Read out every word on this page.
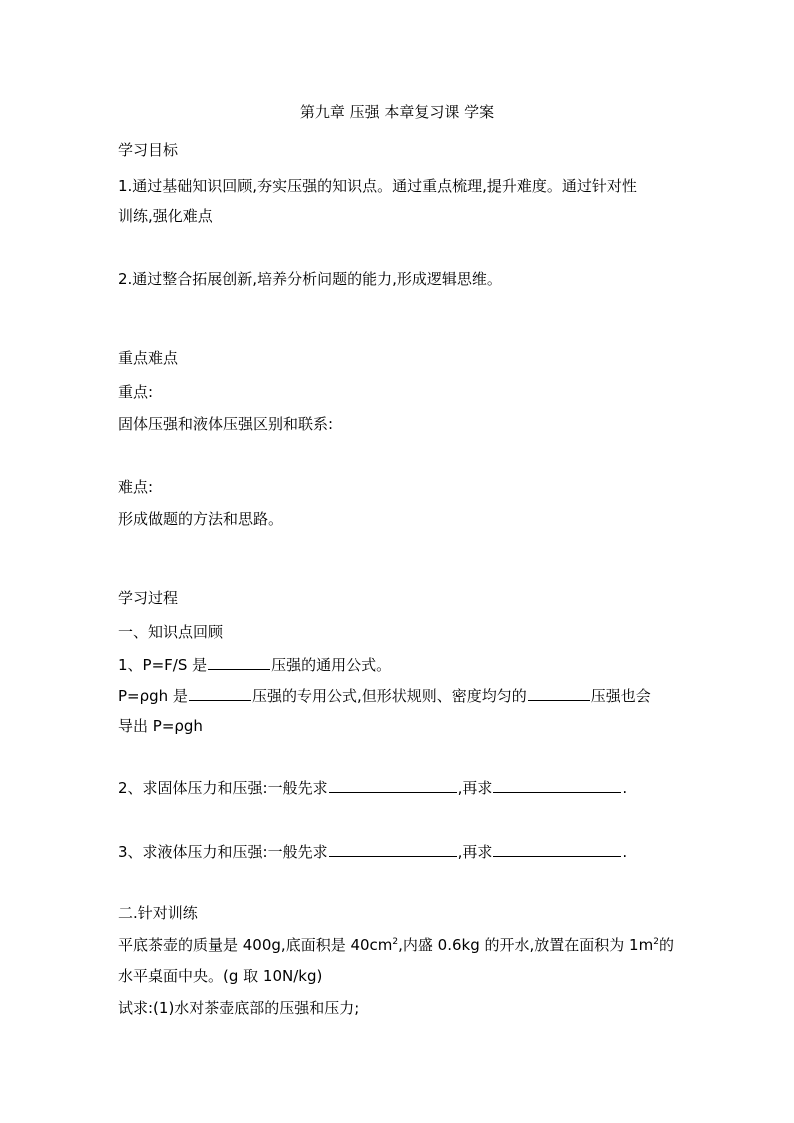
第九章 压强 本章复习课 学案
学习目标
1.通过基础知识回顾,夯实压强的知识点。通过重点梳理,提升难度。通过针对性
训练,强化难点
2.通过整合拓展创新,培养分析问题的能力,形成逻辑思维。
重点难点
重点:
固体压强和液体压强区别和联系:
难点:
形成做题的方法和思路。
学习过程
一、知识点回顾
1、P=F/S 是	压强的通用公式。
P=ρgh 是	压强的专用公式,但形状规则、密度均匀的	压强也会
导出 P=ρgh
2、求固体压力和压强:一般先求	,再求	.
3、求液体压力和压强:一般先求	,再求	.
二.针对训练
平底茶壶的质量是 400g,底面积是 $40cm^2$,内盛 0.6kg 的开水,放置在面积为 $1m^2$的
水平桌面中央。(g 取 10N/kg)
试求:(1)水对茶壶底部的压强和压力;
